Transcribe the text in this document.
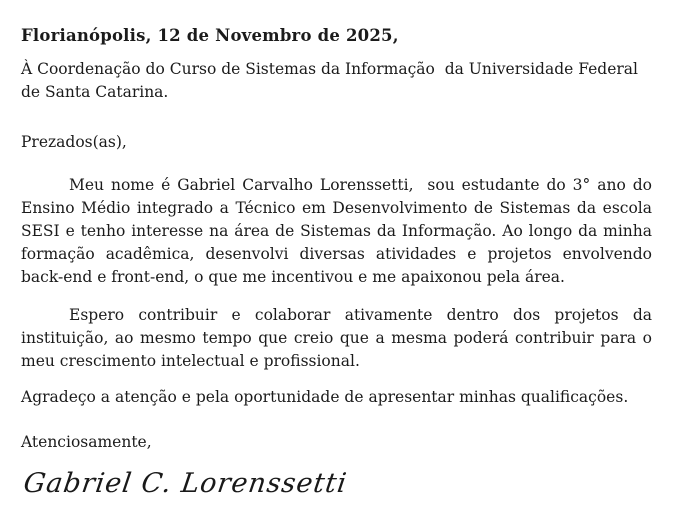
Florianópolis, 12 de Novembro de 2025,

À Coordenação do Curso de Sistemas da Informação  da Universidade Federal de Santa Catarina.

Prezados(as),

Meu nome é Gabriel Carvalho Lorenssetti,  sou estudante do 3° ano do Ensino Médio integrado a Técnico em Desenvolvimento de Sistemas da escola SESI e tenho interesse na área de Sistemas da Informação. Ao longo da minha formação acadêmica, desenvolvi diversas atividades e projetos envolvendo back-end e front-end, o que me incentivou e me apaixonou pela área.

Espero contribuir e colaborar ativamente dentro dos projetos da instituição, ao mesmo tempo que creio que a mesma poderá contribuir para o meu crescimento intelectual e profissional.

Agradeço a atenção e pela oportunidade de apresentar minhas qualificações.

Atenciosamente,

Gabriel C. Lorenssetti
